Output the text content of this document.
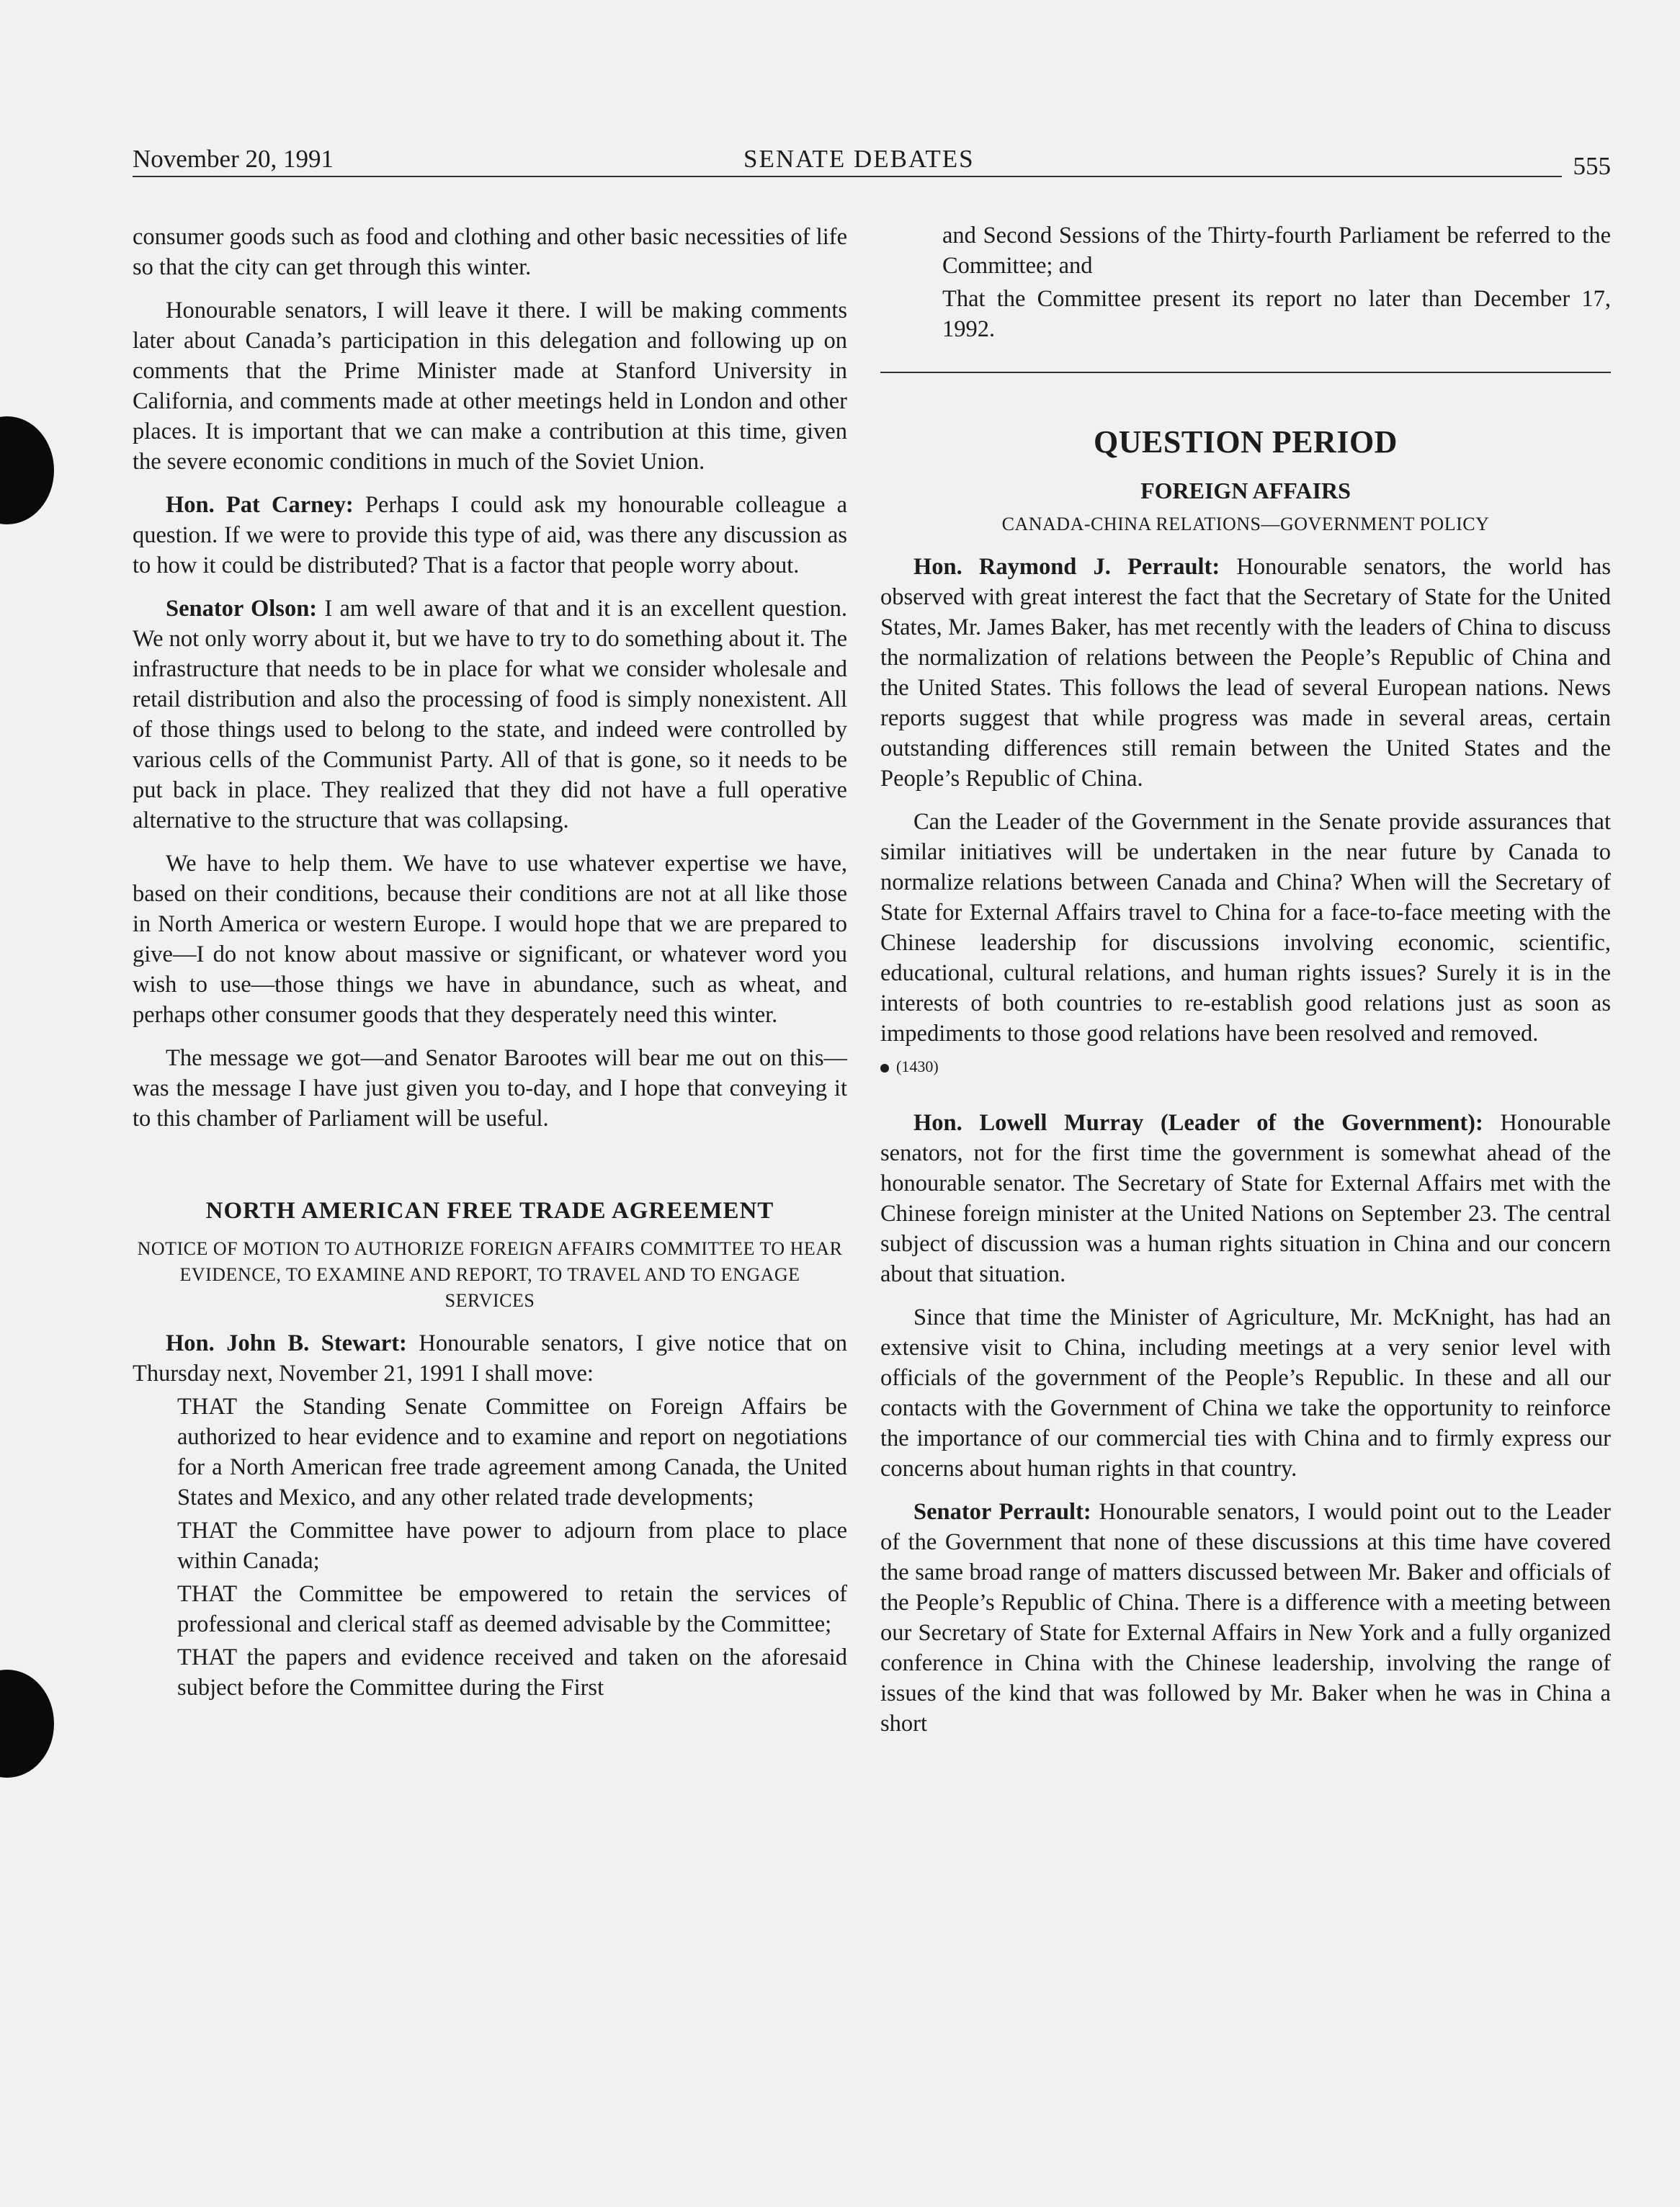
November 20, 1991	SENATE DEBATES	555

consumer goods such as food and clothing and other basic necessities of life so that the city can get through this winter.

Honourable senators, I will leave it there. I will be making comments later about Canada’s participation in this delegation and following up on comments that the Prime Minister made at Stanford University in California, and comments made at other meetings held in London and other places. It is important that we can make a contribution at this time, given the severe economic conditions in much of the Soviet Union.

Hon. Pat Carney: Perhaps I could ask my honourable colleague a question. If we were to provide this type of aid, was there any discussion as to how it could be distributed? That is a factor that people worry about.

Senator Olson: I am well aware of that and it is an excellent question. We not only worry about it, but we have to try to do something about it. The infrastructure that needs to be in place for what we consider wholesale and retail distribution and also the processing of food is simply nonexistent. All of those things used to belong to the state, and indeed were controlled by various cells of the Communist Party. All of that is gone, so it needs to be put back in place. They realized that they did not have a full operative alternative to the structure that was collapsing.

We have to help them. We have to use whatever expertise we have, based on their conditions, because their conditions are not at all like those in North America or western Europe. I would hope that we are prepared to give—I do not know about massive or significant, or whatever word you wish to use—those things we have in abundance, such as wheat, and perhaps other consumer goods that they desperately need this winter.

The message we got—and Senator Barootes will bear me out on this—was the message I have just given you to-day, and I hope that conveying it to this chamber of Parliament will be useful.

NORTH AMERICAN FREE TRADE AGREEMENT
NOTICE OF MOTION TO AUTHORIZE FOREIGN AFFAIRS COMMITTEE TO HEAR EVIDENCE, TO EXAMINE AND REPORT, TO TRAVEL AND TO ENGAGE SERVICES

Hon. John B. Stewart: Honourable senators, I give notice that on Thursday next, November 21, 1991 I shall move:

THAT the Standing Senate Committee on Foreign Affairs be authorized to hear evidence and to examine and report on negotiations for a North American free trade agreement among Canada, the United States and Mexico, and any other related trade developments;

THAT the Committee have power to adjourn from place to place within Canada;

THAT the Committee be empowered to retain the services of professional and clerical staff as deemed advisable by the Committee;

THAT the papers and evidence received and taken on the aforesaid subject before the Committee during the First

and Second Sessions of the Thirty-fourth Parliament be referred to the Committee; and

That the Committee present its report no later than December 17, 1992.

QUESTION PERIOD
FOREIGN AFFAIRS
CANADA-CHINA RELATIONS—GOVERNMENT POLICY

Hon. Raymond J. Perrault: Honourable senators, the world has observed with great interest the fact that the Secretary of State for the United States, Mr. James Baker, has met recently with the leaders of China to discuss the normalization of relations between the People’s Republic of China and the United States. This follows the lead of several European nations. News reports suggest that while progress was made in several areas, certain outstanding differences still remain between the United States and the People’s Republic of China.

Can the Leader of the Government in the Senate provide assurances that similar initiatives will be undertaken in the near future by Canada to normalize relations between Canada and China? When will the Secretary of State for External Affairs travel to China for a face-to-face meeting with the Chinese leadership for discussions involving economic, scientific, educational, cultural relations, and human rights issues? Surely it is in the interests of both countries to re-establish good relations just as soon as impediments to those good relations have been resolved and removed.

(1430)

Hon. Lowell Murray (Leader of the Government): Honourable senators, not for the first time the government is somewhat ahead of the honourable senator. The Secretary of State for External Affairs met with the Chinese foreign minister at the United Nations on September 23. The central subject of discussion was a human rights situation in China and our concern about that situation.

Since that time the Minister of Agriculture, Mr. McKnight, has had an extensive visit to China, including meetings at a very senior level with officials of the government of the People’s Republic. In these and all our contacts with the Government of China we take the opportunity to reinforce the importance of our commercial ties with China and to firmly express our concerns about human rights in that country.

Senator Perrault: Honourable senators, I would point out to the Leader of the Government that none of these discussions at this time have covered the same broad range of matters discussed between Mr. Baker and officials of the People’s Republic of China. There is a difference with a meeting between our Secretary of State for External Affairs in New York and a fully organized conference in China with the Chinese leadership, involving the range of issues of the kind that was followed by Mr. Baker when he was in China a short
